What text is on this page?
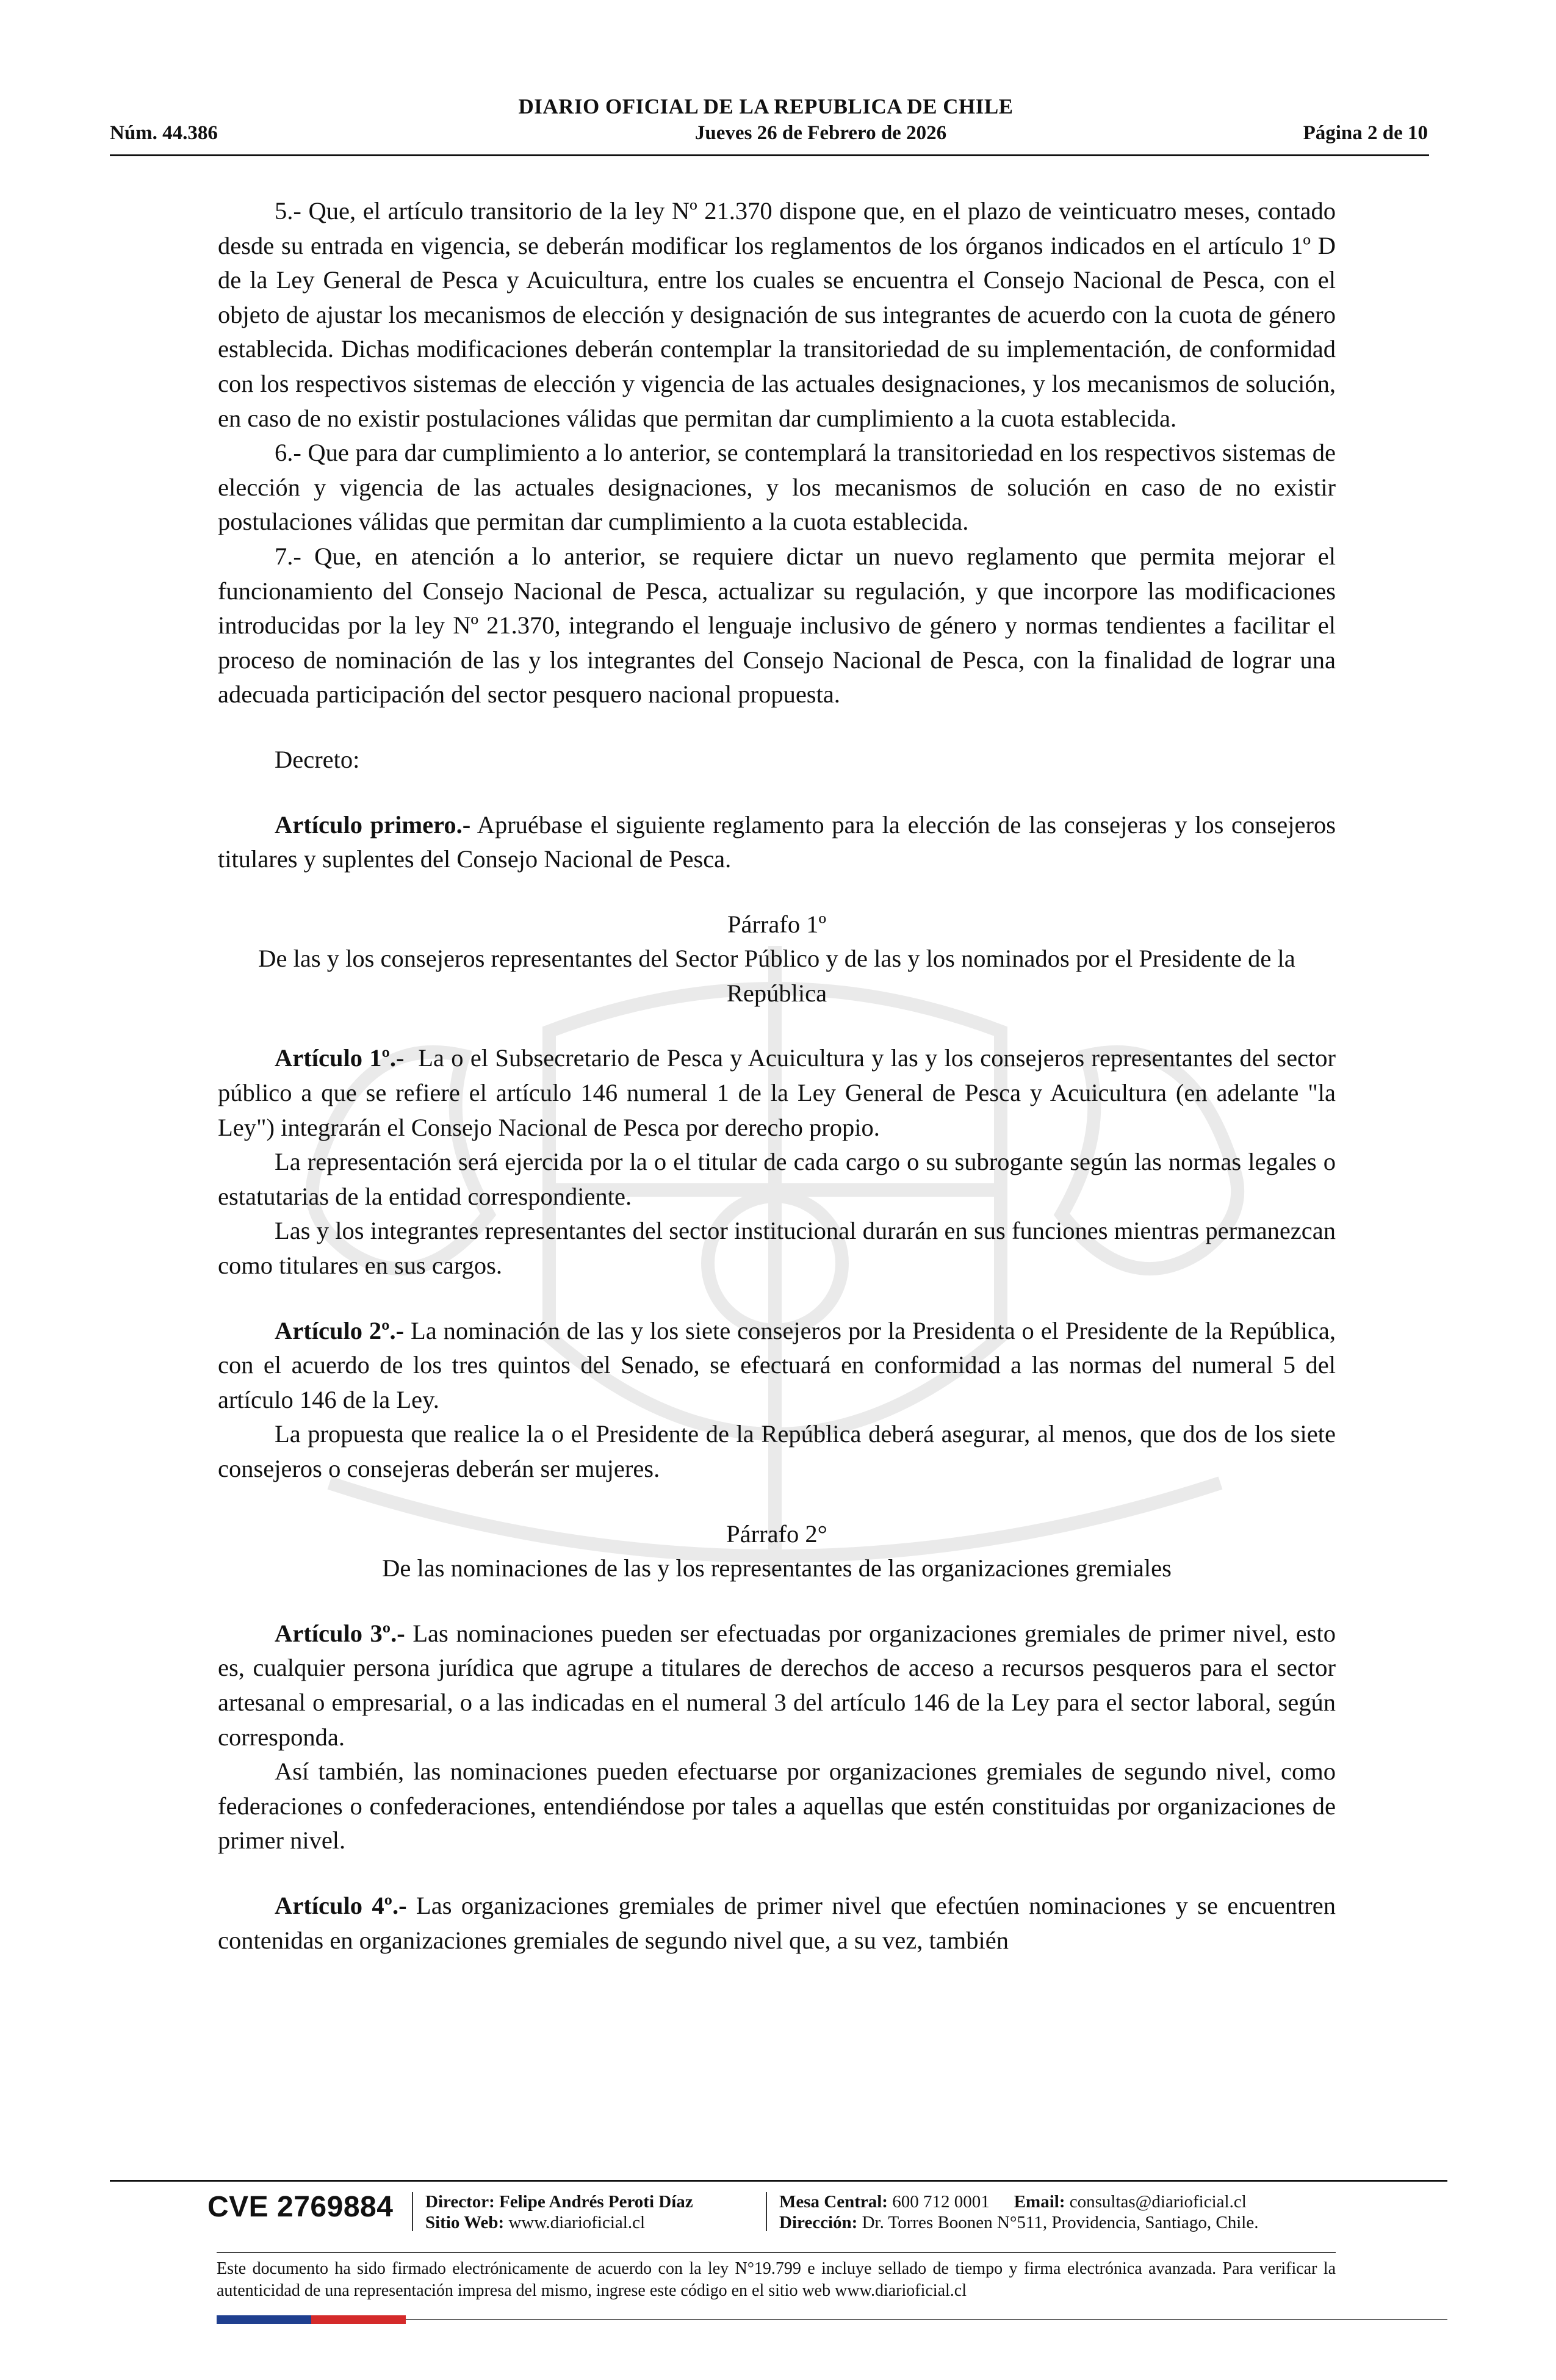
DIARIO OFICIAL DE LA REPUBLICA DE CHILE
Núm. 44.386	Jueves 26 de Febrero de 2026	Página 2 de 10

5.- Que, el artículo transitorio de la ley Nº 21.370 dispone que, en el plazo de veinticuatro meses, contado desde su entrada en vigencia, se deberán modificar los reglamentos de los órganos indicados en el artículo 1º D de la Ley General de Pesca y Acuicultura, entre los cuales se encuentra el Consejo Nacional de Pesca, con el objeto de ajustar los mecanismos de elección y designación de sus integrantes de acuerdo con la cuota de género establecida. Dichas modificaciones deberán contemplar la transitoriedad de su implementación, de conformidad con los respectivos sistemas de elección y vigencia de las actuales designaciones, y los mecanismos de solución, en caso de no existir postulaciones válidas que permitan dar cumplimiento a la cuota establecida.

6.- Que para dar cumplimiento a lo anterior, se contemplará la transitoriedad en los respectivos sistemas de elección y vigencia de las actuales designaciones, y los mecanismos de solución en caso de no existir postulaciones válidas que permitan dar cumplimiento a la cuota establecida.

7.- Que, en atención a lo anterior, se requiere dictar un nuevo reglamento que permita mejorar el funcionamiento del Consejo Nacional de Pesca, actualizar su regulación, y que incorpore las modificaciones introducidas por la ley Nº 21.370, integrando el lenguaje inclusivo de género y normas tendientes a facilitar el proceso de nominación de las y los integrantes del Consejo Nacional de Pesca, con la finalidad de lograr una adecuada participación del sector pesquero nacional propuesta.

Decreto:

Artículo primero.- Apruébase el siguiente reglamento para la elección de las consejeras y los consejeros titulares y suplentes del Consejo Nacional de Pesca.

Párrafo 1º

De las y los consejeros representantes del Sector Público y de las y los nominados por el Presidente de la República

Artículo 1º.-  La o el Subsecretario de Pesca y Acuicultura y las y los consejeros representantes del sector público a que se refiere el artículo 146 numeral 1 de la Ley General de Pesca y Acuicultura (en adelante "la Ley") integrarán el Consejo Nacional de Pesca por derecho propio.

La representación será ejercida por la o el titular de cada cargo o su subrogante según las normas legales o estatutarias de la entidad correspondiente.

Las y los integrantes representantes del sector institucional durarán en sus funciones mientras permanezcan como titulares en sus cargos.

Artículo 2º.- La nominación de las y los siete consejeros por la Presidenta o el Presidente de la República, con el acuerdo de los tres quintos del Senado, se efectuará en conformidad a las normas del numeral 5 del artículo 146 de la Ley.

La propuesta que realice la o el Presidente de la República deberá asegurar, al menos, que dos de los siete consejeros o consejeras deberán ser mujeres.

Párrafo 2°

De las nominaciones de las y los representantes de las organizaciones gremiales

Artículo 3º.- Las nominaciones pueden ser efectuadas por organizaciones gremiales de primer nivel, esto es, cualquier persona jurídica que agrupe a titulares de derechos de acceso a recursos pesqueros para el sector artesanal o empresarial, o a las indicadas en el numeral 3 del artículo 146 de la Ley para el sector laboral, según corresponda.

Así también, las nominaciones pueden efectuarse por organizaciones gremiales de segundo nivel, como federaciones o confederaciones, entendiéndose por tales a aquellas que estén constituidas por organizaciones de primer nivel.

Artículo 4º.- Las organizaciones gremiales de primer nivel que efectúen nominaciones y se encuentren contenidas en organizaciones gremiales de segundo nivel que, a su vez, también

CVE 2769884 Director: Felipe Andrés Peroti Díaz
Sitio Web: www.diarioficial.cl
Mesa Central: 600 712 0001 Email: consultas@diarioficial.cl
Dirección: Dr. Torres Boonen N°511, Providencia, Santiago, Chile.
Este documento ha sido firmado electrónicamente de acuerdo con la ley N°19.799 e incluye sellado de tiempo y firma electrónica avanzada. Para verificar la autenticidad de una representación impresa del mismo, ingrese este código en el sitio web www.diarioficial.cl
